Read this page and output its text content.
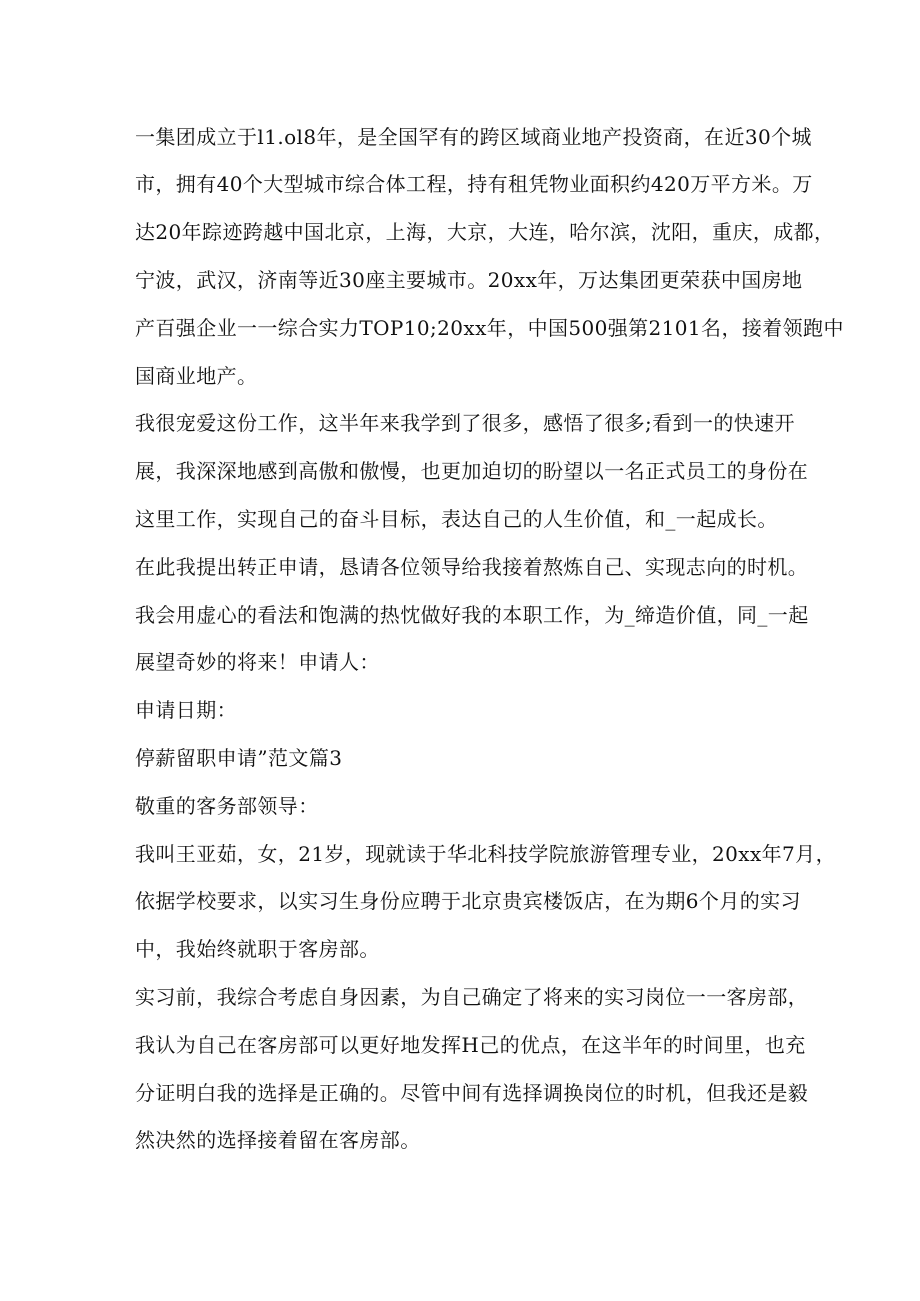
一集团成立于l1.ol8年，是全国罕有的跨区域商业地产投资商，在近30个城

市，拥有40个大型城市综合体工程，持有租凭物业面积约420万平方米。万

达20年踪迹跨越中国北京，上海，大京，大连，哈尔滨，沈阳，重庆，成都，

宁波，武汉，济南等近30座主要城市。20xx年，万达集团更荣获中国房地

产百强企业一一综合实力TOP10;20xx年，中国500强第2101名，接着领跑中

国商业地产。

我很宠爱这份工作，这半年来我学到了很多，感悟了很多;看到一的快速开

展，我深深地感到高傲和傲慢，也更加迫切的盼望以一名正式员工的身份在

这里工作，实现自己的奋斗目标，表达自己的人生价值，和_一起成长。

在此我提出转正申请，恳请各位领导给我接着熬炼自己、实现志向的时机。

我会用虚心的看法和饱满的热忱做好我的本职工作，为_缔造价值，同_一起

展望奇妙的将来！申请人：

申请日期：

停薪留职申请”范文篇3

敬重的客务部领导：

我叫王亚茹，女，21岁，现就读于华北科技学院旅游管理专业，20xx年7月，

依据学校要求，以实习生身份应聘于北京贵宾楼饭店，在为期6个月的实习

中，我始终就职于客房部。

实习前，我综合考虑自身因素，为自己确定了将来的实习岗位一一客房部，

我认为自己在客房部可以更好地发挥H己的优点，在这半年的时间里，也充

分证明白我的选择是正确的。尽管中间有选择调换岗位的时机，但我还是毅

然决然的选择接着留在客房部。
